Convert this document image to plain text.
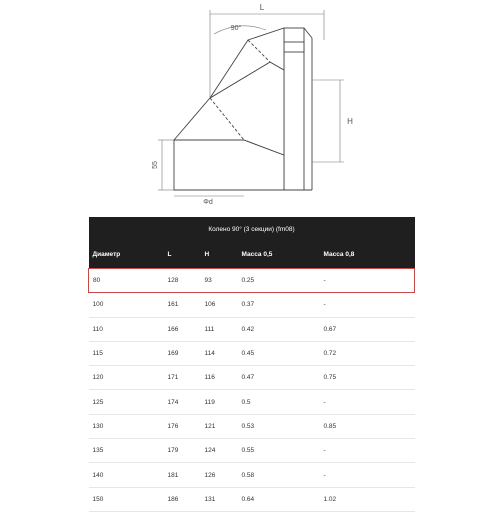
L
90°
H
55
Φd
Колено 90° (3 секции) (fm08)				
Диаметр	L	H	Масса 0,5	Масса 0,8
80	128	93	0.25	-
100	161	106	0.37	-
110	166	111	0.42	0.67
115	169	114	0.45	0.72
120	171	116	0.47	0.75
125	174	119	0.5	-
130	176	121	0.53	0.85
135	179	124	0.55	-
140	181	126	0.58	-
150	186	131	0.64	1.02
